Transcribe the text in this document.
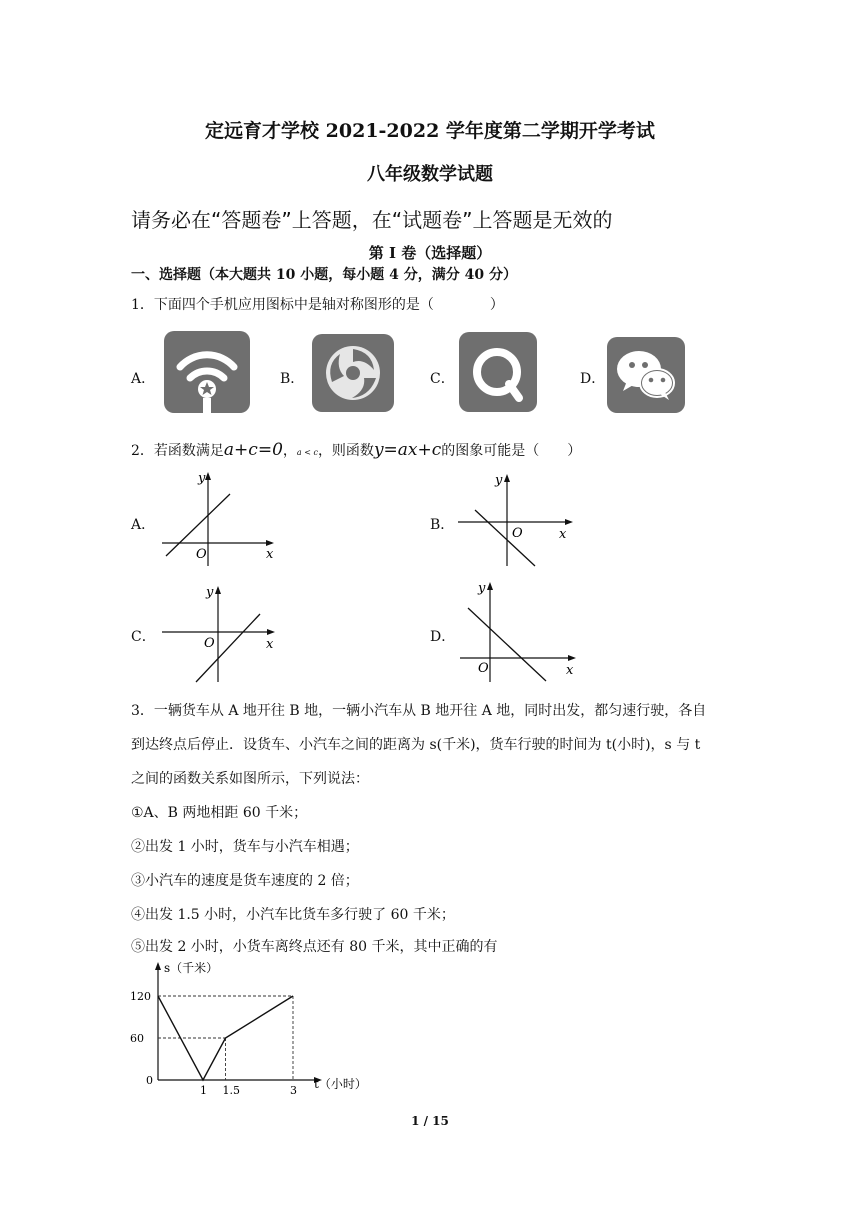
定远育才学校 2021-2022 学年度第二学期开学考试
八年级数学试题
请务必在“答题卷”上答题，在“试题卷”上答题是无效的
第 I 卷（选择题）
一、选择题（本大题共 10 小题，每小题 4 分，满分 40 分）
1．下面四个手机应用图标中是轴对称图形的是（　　　　）
A．	B．	C．	D．
2．若函数满足a+c=0，a < c，则函数y=ax+c的图象可能是（　　）
A．
y
x
O
B．
y
x
O
C．
y
x
O	D．
y
x
O
3．一辆货车从 A 地开往 B 地，一辆小汽车从 B 地开往 A 地，同时出发，都匀速行驶，各自
到达终点后停止．设货车、小汽车之间的距离为 s(千米)，货车行驶的时间为 t(小时)，s 与 t
之间的函数关系如图所示，下列说法：
①A、B 两地相距 60 千米；
②出发 1 小时，货车与小汽车相遇；
③小汽车的速度是货车速度的 2 倍；
④出发 1.5 小时，小汽车比货车多行驶了 60 千米；
⑤出发 2 小时，小货车离终点还有 80 千米，其中正确的有
0
1 1.5	3
120
60
s（千米）
t（小时）
1 / 15
